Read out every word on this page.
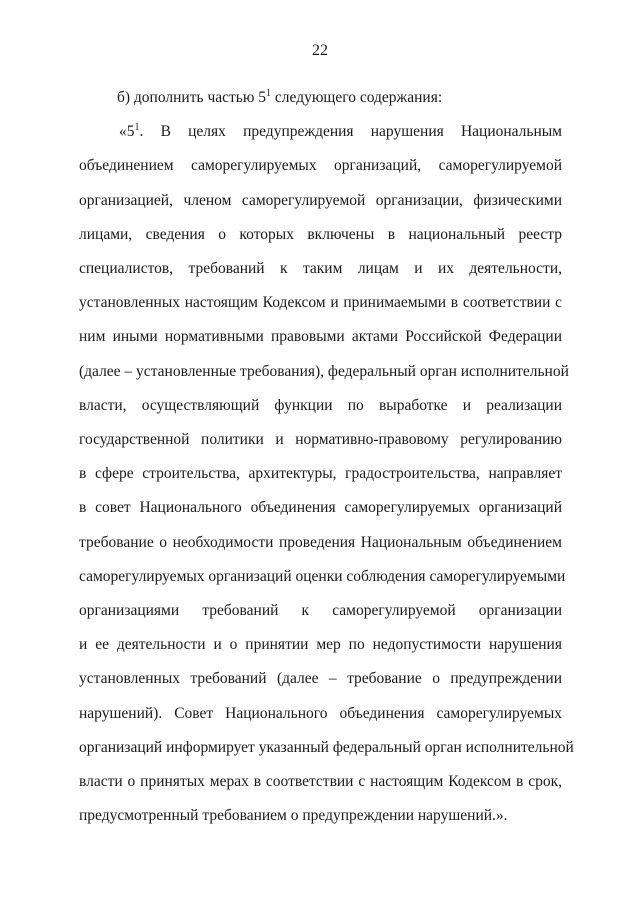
22
б) дополнить частью $5^1$ следующего содержания:
«$5^1$. В целях предупреждения нарушения Национальным
объединением саморегулируемых организаций, саморегулируемой
организацией, членом саморегулируемой организации, физическими
лицами, сведения о которых включены в национальный реестр
специалистов, требований к таким лицам и их деятельности,
установленных настоящим Кодексом и принимаемыми в соответствии с
ним иными нормативными правовыми актами Российской Федерации
(далее – установленные требования), федеральный орган исполнительной
власти, осуществляющий функции по выработке и реализации
государственной политики и нормативно-правовому регулированию
в сфере строительства, архитектуры, градостроительства, направляет
в совет Национального объединения саморегулируемых организаций
требование о необходимости проведения Национальным объединением
саморегулируемых организаций оценки соблюдения саморегулируемыми
организациями требований к саморегулируемой организации
и ее деятельности и о принятии мер по недопустимости нарушения
установленных требований (далее – требование о предупреждении
нарушений). Совет Национального объединения саморегулируемых
организаций информирует указанный федеральный орган исполнительной
власти о принятых мерах в соответствии с настоящим Кодексом в срок,
предусмотренный требованием о предупреждении нарушений.».
